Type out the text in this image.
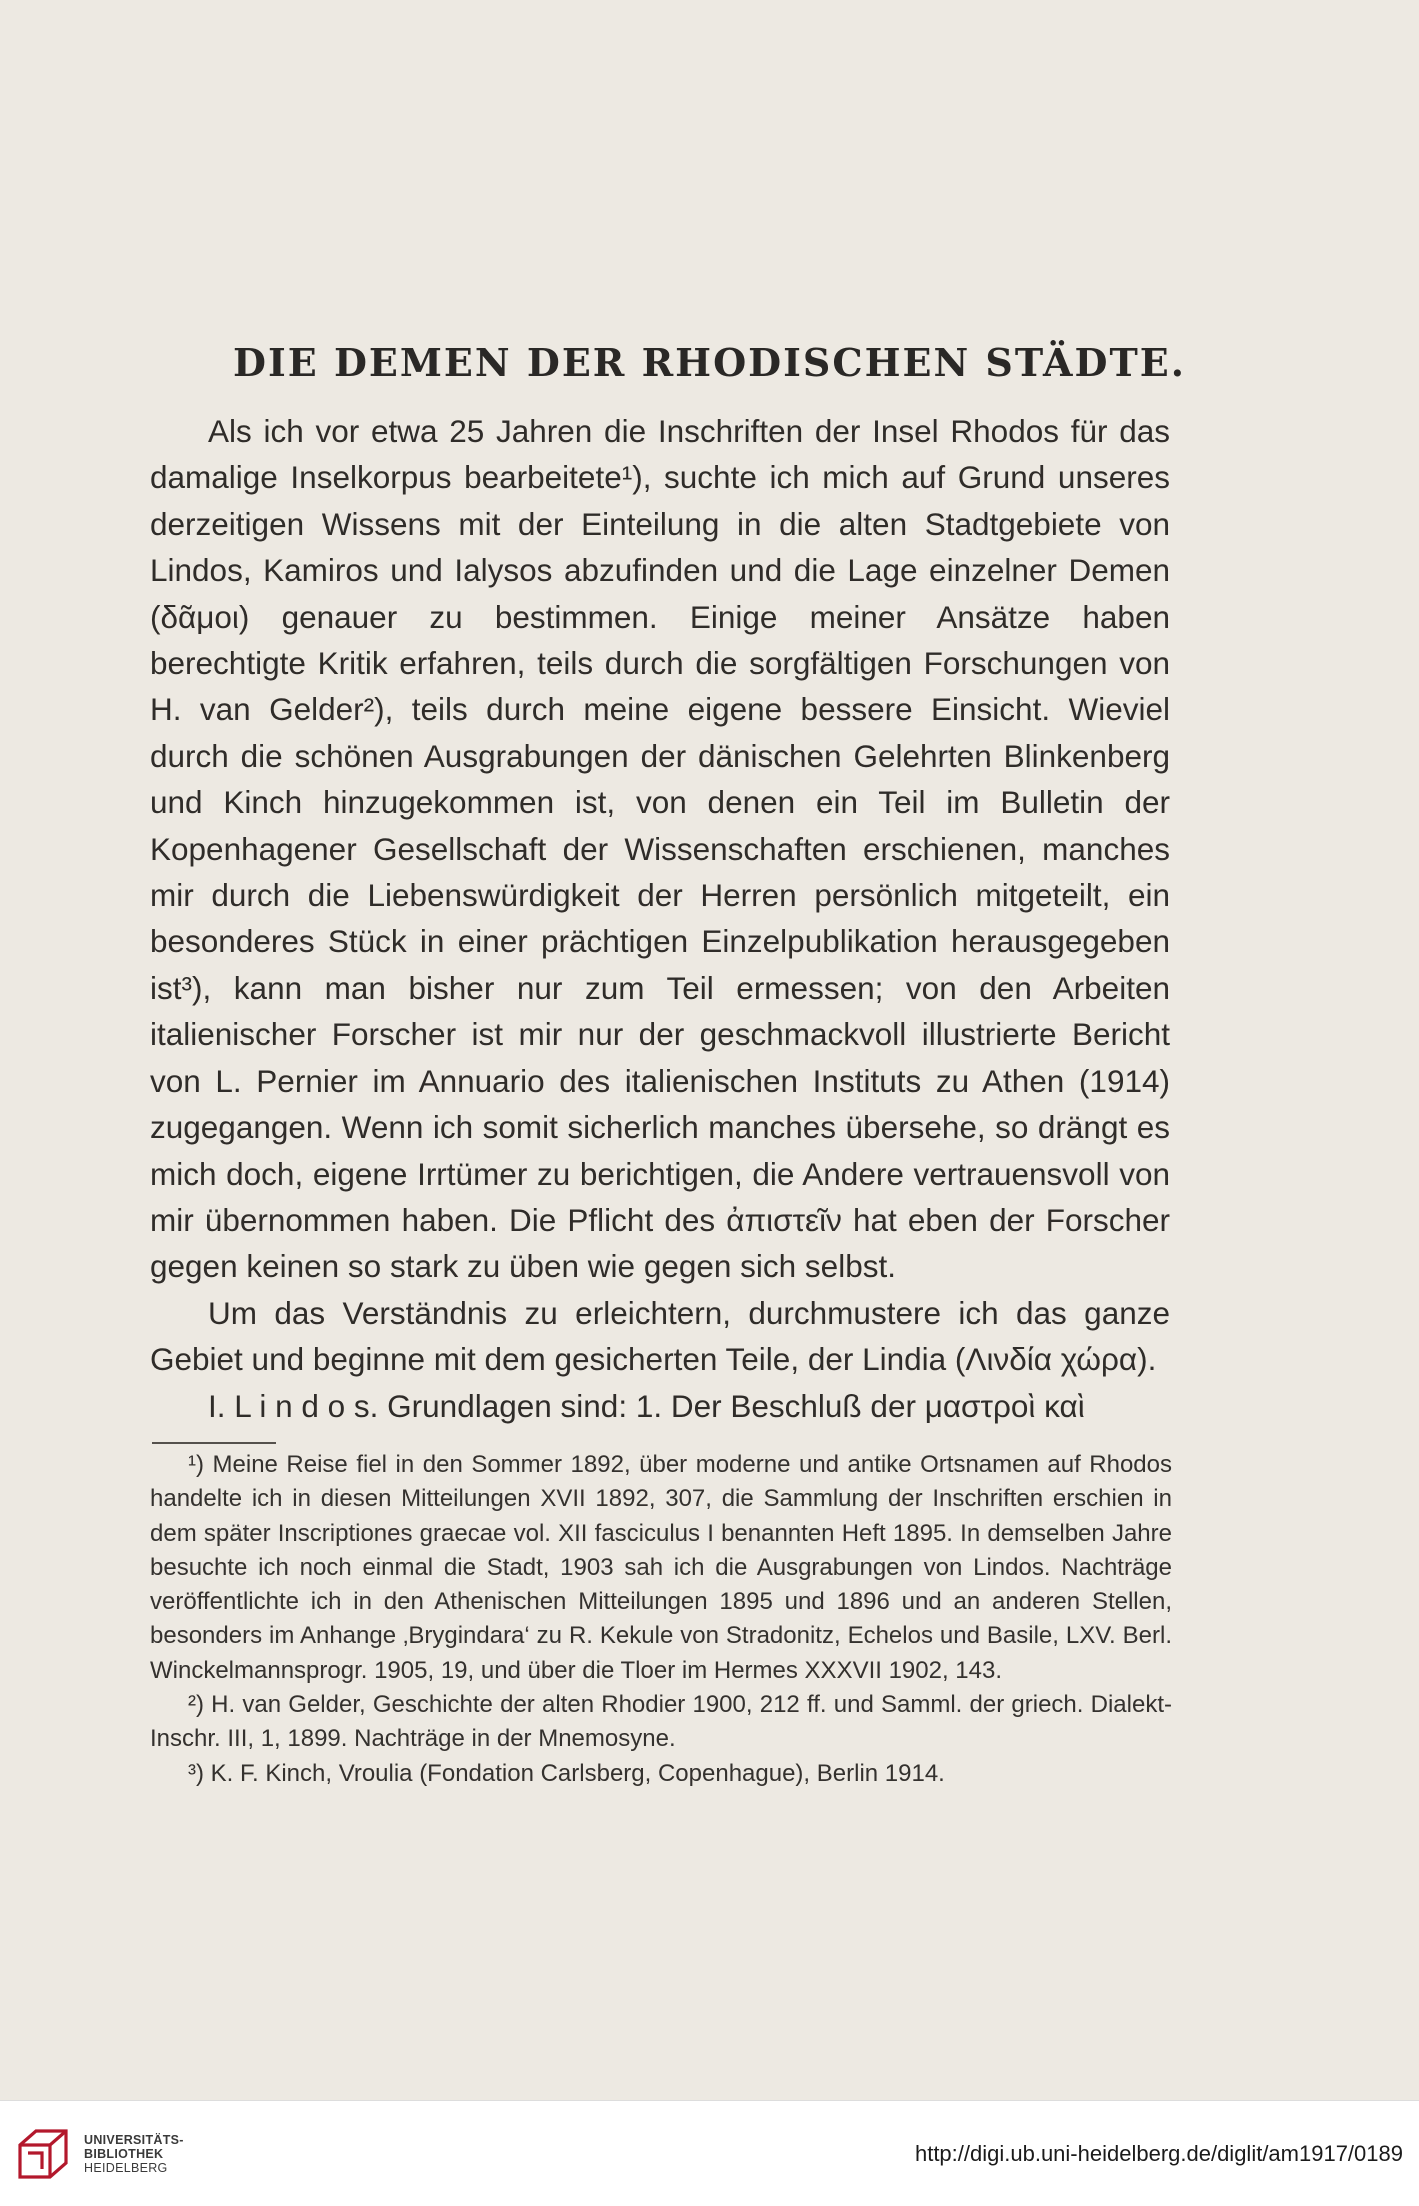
DIE DEMEN DER RHODISCHEN STÄDTE.

Als ich vor etwa 25 Jahren die Inschriften der Insel Rhodos für das damalige Inselkorpus bearbeitete¹), suchte ich mich auf Grund unseres derzeitigen Wissens mit der Einteilung in die alten Stadtgebiete von Lindos, Kamiros und Ialysos abzufinden und die Lage einzelner Demen (δᾶμοι) genauer zu bestimmen. Einige meiner Ansätze haben berechtigte Kritik erfahren, teils durch die sorgfältigen Forschungen von H. van Gelder²), teils durch meine eigene bessere Einsicht. Wieviel durch die schönen Ausgrabungen der dänischen Gelehrten Blinkenberg und Kinch hinzugekommen ist, von denen ein Teil im Bulletin der Kopenhagener Gesellschaft der Wissenschaften erschienen, manches mir durch die Liebenswürdigkeit der Herren persönlich mitgeteilt, ein besonderes Stück in einer prächtigen Einzelpublikation herausgegeben ist³), kann man bisher nur zum Teil ermessen; von den Arbeiten italienischer Forscher ist mir nur der geschmackvoll illustrierte Bericht von L. Pernier im Annuario des italienischen Instituts zu Athen (1914) zugegangen. Wenn ich somit sicherlich manches übersehe, so drängt es mich doch, eigene Irrtümer zu berichtigen, die Andere vertrauensvoll von mir übernommen haben. Die Pflicht des ἀπιστεῖν hat eben der Forscher gegen keinen so stark zu üben wie gegen sich selbst.

Um das Verständnis zu erleichtern, durchmustere ich das ganze Gebiet und beginne mit dem gesicherten Teile, der Lindia (Λινδία χώρα).

I. L i n d o s. Grundlagen sind: 1. Der Beschluß der μαστροὶ καὶ

¹) Meine Reise fiel in den Sommer 1892, über moderne und antike Ortsnamen auf Rhodos handelte ich in diesen Mitteilungen XVII 1892, 307, die Sammlung der Inschriften erschien in dem später Inscriptiones graecae vol. XII fasciculus I benannten Heft 1895. In demselben Jahre besuchte ich noch einmal die Stadt, 1903 sah ich die Ausgrabungen von Lindos. Nachträge veröffentlichte ich in den Athenischen Mitteilungen 1895 und 1896 und an anderen Stellen, besonders im Anhange ‚Brygindara‘ zu R. Kekule von Stradonitz, Echelos und Basile, LXV. Berl. Winckelmannsprogr. 1905, 19, und über die Tloer im Hermes XXXVII 1902, 143.

²) H. van Gelder, Geschichte der alten Rhodier 1900, 212 ff. und Samml. der griech. Dialekt-Inschr. III, 1, 1899. Nachträge in der Mnemosyne.

³) K. F. Kinch, Vroulia (Fondation Carlsberg, Copenhague), Berlin 1914.

UNIVERSITÄTS-
BIBLIOTHEK
HEIDELBERG
http://digi.ub.uni-heidelberg.de/diglit/am1917/0189
